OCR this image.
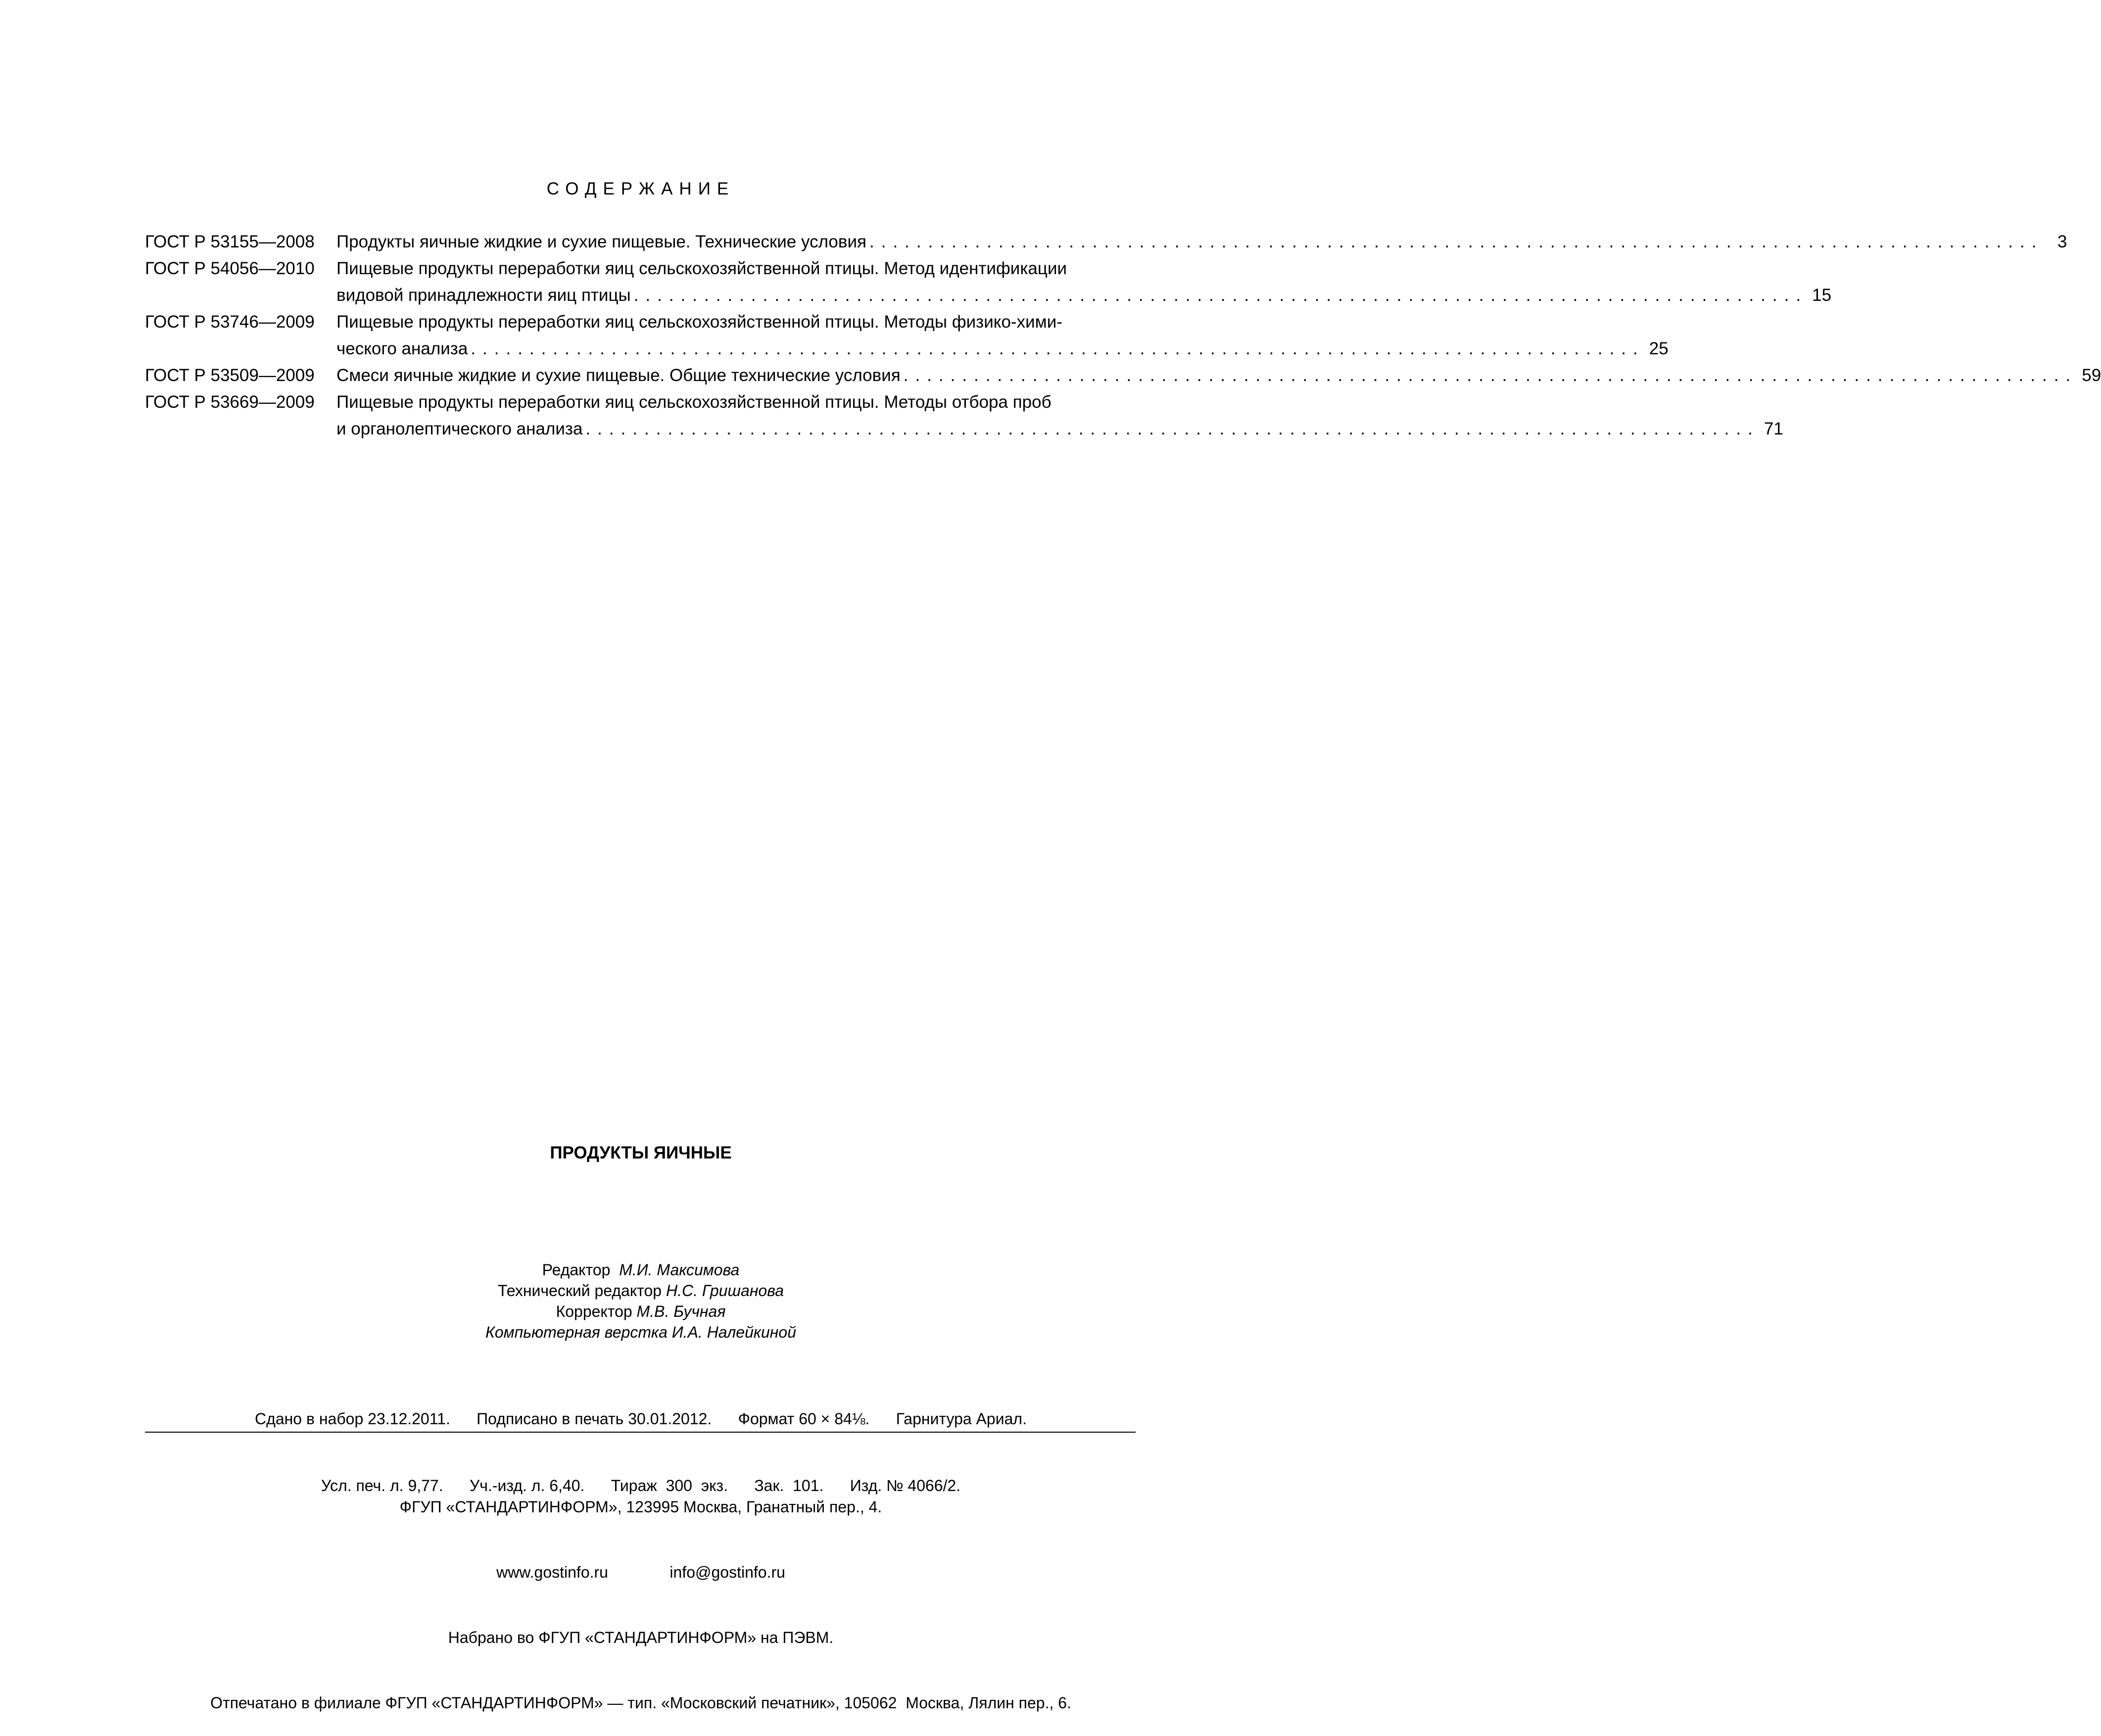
СОДЕРЖАНИЕ
ГОСТ Р 53155—2008	Продукты яичные жидкие и сухие пищевые. Технические условия .................................................................................................... 3
ГОСТ Р 54056—2010	Пищевые продукты переработки яиц сельскохозяйственной птицы. Метод идентификации
видовой принадлежности яиц птицы .................................................................................................... 15
ГОСТ Р 53746—2009	Пищевые продукты переработки яиц сельскохозяйственной птицы. Методы физико-хими-
ческого анализа .................................................................................................... 25
ГОСТ Р 53509—2009	Смеси яичные жидкие и сухие пищевые. Общие технические условия .................................................................................................... 59
ГОСТ Р 53669—2009	Пищевые продукты переработки яиц сельскохозяйственной птицы. Методы отбора проб
и органолептического анализа .................................................................................................... 71
ПРОДУКТЫ ЯИЧНЫЕ
Редактор М.И. Максимова
Технический редактор Н.С. Гришанова
Корректор М.В. Бучная
Компьютерная верстка И.А. Налейкиной

Сдано в набор 23.12.2011.      Подписано в печать 30.01.2012.      Формат 60 × 84⅛.      Гарнитура Ариал.

Усл. печ. л. 9,77.      Уч.-изд. л. 6,40.      Тираж  300  экз.      Зак.  101.      Изд. № 4066/2.

ФГУП «СТАНДАРТИНФОРМ», 123995 Москва, Гранатный пер., 4.

www.gostinfo.ru              info@gostinfo.ru

Набрано во ФГУП «СТАНДАРТИНФОРМ» на ПЭВМ.

Отпечатано в филиале ФГУП «СТАНДАРТИНФОРМ» — тип. «Московский печатник», 105062  Москва, Лялин пер., 6.
